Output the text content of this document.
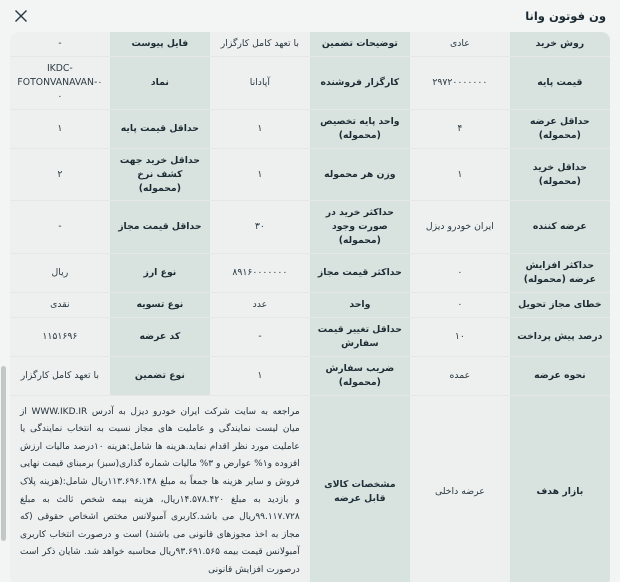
ون فوتون وانا
روش خرید	عادی	توضیحات تضمین	با تعهد کامل کارگزار	فایل پیوست	-
قیمت پایه	۲۹۷۲۰۰۰۰۰۰۰	کارگزار فروشنده	آپادانا	نماد	IKDC-FOTONVANAVAN-۰۰
حداقل عرضه (محموله)	۴	واحد پایه تخصیص (محموله)	۱	حداقل قیمت پایه	۱
حداقل خرید (محموله)	۱	وزن هر محموله	۱	حداقل خرید جهت کشف نرخ (محموله)	۲
عرضه کننده	ایران خودرو دیزل	حداکثر خرید در صورت وجود (محموله)	۳۰	حداقل قیمت مجاز	-
حداکثر افزایش عرضه (محموله)	۰	حداکثر قیمت مجاز	۸۹۱۶۰۰۰۰۰۰۰	نوع ارز	ریال
خطای مجاز تحویل	۰	واحد	عدد	نوع تسویه	نقدی
درصد پیش پرداخت	۱۰	حداقل تغییر قیمت سفارش	-	کد عرضه	۱۱۵۱۶۹۶
نحوه عرضه	عمده	ضریب سفارش (محموله)	۱	نوع تضمین	با تعهد کامل کارگزار
بازار هدف	عرضه داخلی	مشخصات کالای قابل عرضه	مراجعه به سایت شرکت ایران خودرو دیزل به آدرس WWW.IKD.IR از میان لیست نمایندگی و عاملیت های مجاز نسبت به انتخاب نمایندگی یا عاملیت مورد نظر اقدام نماید.هزینه ها شامل:هزینه ۱۰درصد مالیات ارزش افزوده و۱% عوارض و ۳% مالیات شماره گذاری(سبز) برمبنای قیمت نهایی فروش و سایر هزینه ها جمعاً به مبلغ ۱۱۳.۶۹۶.۱۴۸ریال شامل:(هزینه پلاک و بازدید به مبلغ ۱۴.۵۷۸.۴۲۰ریال، هزینه بیمه شخص ثالث به مبلغ ۹۹.۱۱۷.۷۲۸ریال می باشد.کاربری آمبولانس مختص اشخاص حقوقی (که مجاز به اخذ مجوزهای قانونی می باشند) است و درصورت انتخاب کاربری آمبولانس قیمت بیمه ۹۳.۶۹۱.۵۶۵ریال محاسبه خواهد شد. شایان ذکر است درصورت افزایش قانونی		
